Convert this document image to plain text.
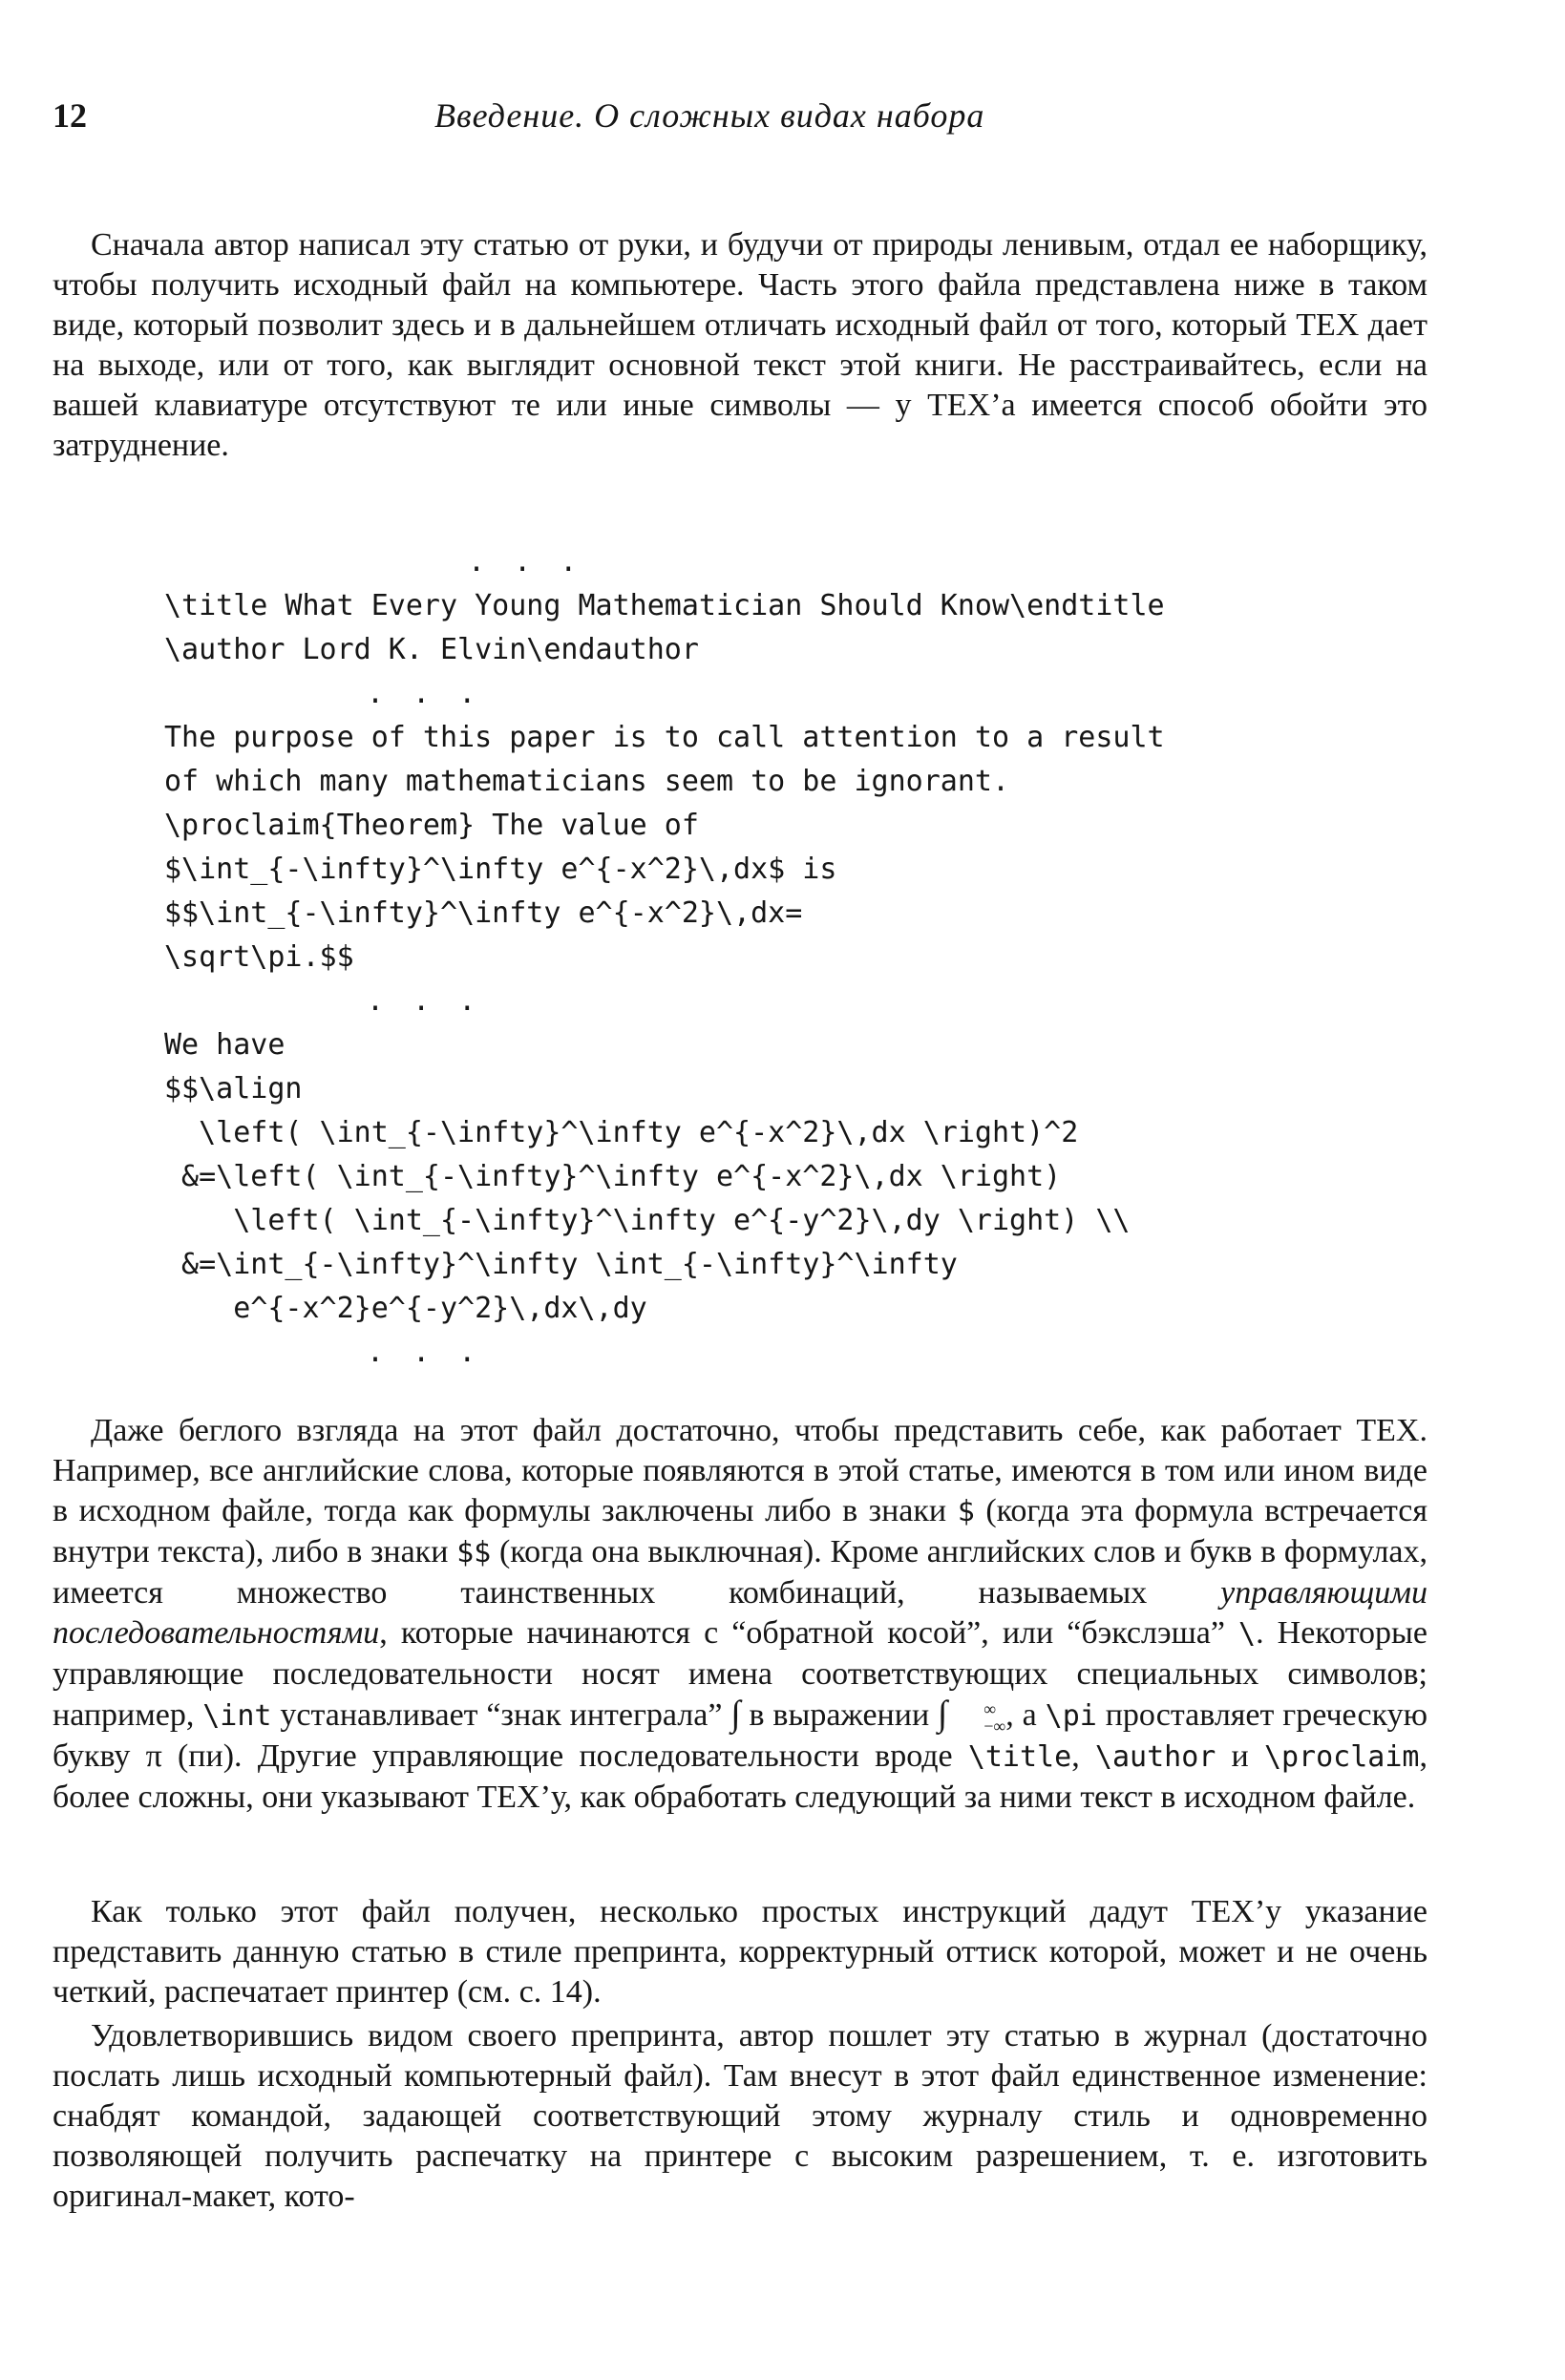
12	Введение. О сложных видах набора

Сначала автор написал эту статью от руки, и будучи от природы ленивым, отдал ее наборщику, чтобы получить исходный файл на компьютере. Часть этого файла представлена ниже в таком виде, который позволит здесь и в дальнейшем отличать исходный файл от того, который TEX дает на выходе, или от того, как выглядит основной текст этой книги. Не расстраивайтесь, если на вашей клавиатуре отсутствуют те или иные символы — у TEX’а имеется способ обойти это затруднение.

. . .
\title What Every Young Mathematician Should Know\endtitle
\author Lord K. Elvin\endauthor
. . .
The purpose of this paper is to call attention to a result
of which many mathematicians seem to be ignorant.
\proclaim{Theorem} The value of
$\int_{-\infty}^\infty e^{-x^2}\,dx$ is
$$\int_{-\infty}^\infty e^{-x^2}\,dx=
\sqrt\pi.$$
. . .
We have
$$\align
\left( \int_{-\infty}^\infty e^{-x^2}\,dx \right)^2
&=\left( \int_{-\infty}^\infty e^{-x^2}\,dx \right)
\left( \int_{-\infty}^\infty e^{-y^2}\,dy \right) \\
&=\int_{-\infty}^\infty \int_{-\infty}^\infty
e^{-x^2}e^{-y^2}\,dx\,dy
. . .

Даже беглого взгляда на этот файл достаточно, чтобы представить себе, как работает TEX. Например, все английские слова, которые появляются в этой статье, имеются в том или ином виде в исходном файле, тогда как формулы заключены либо в знаки $ (когда эта формула встречается внутри текста), либо в знаки $$ (когда она выключная). Кроме английских слов и букв в формулах, имеется множество таинственных комбинаций, называемых управляющими последовательностями, которые начинаются с “обратной косой”, или “бэкслэша” \. Некоторые управляющие последовательности носят имена соответствующих специальных символов; например, \int устанавливает “знак интеграла” ∫ в выражении ∫	∞
−∞ , а \pi проставляет греческую букву π (пи). Другие управляющие последовательности вроде \title, \author и \proclaim, более сложны, они указывают TEX’у, как обработать следующий за ними текст в исходном файле.

Как только этот файл получен, несколько простых инструкций дадут TEX’у указание представить данную статью в стиле препринта, корректурный оттиск которой, может и не очень четкий, распечатает принтер (см. с. 14).

Удовлетворившись видом своего препринта, автор пошлет эту статью в журнал (достаточно послать лишь исходный компьютерный файл). Там внесут в этот файл единственное изменение: снабдят командой, задающей соответствующий этому журналу стиль и одновременно позволяющей получить распечатку на принтере с высоким разрешением, т. е. изготовить оригинал-макет, кото-
